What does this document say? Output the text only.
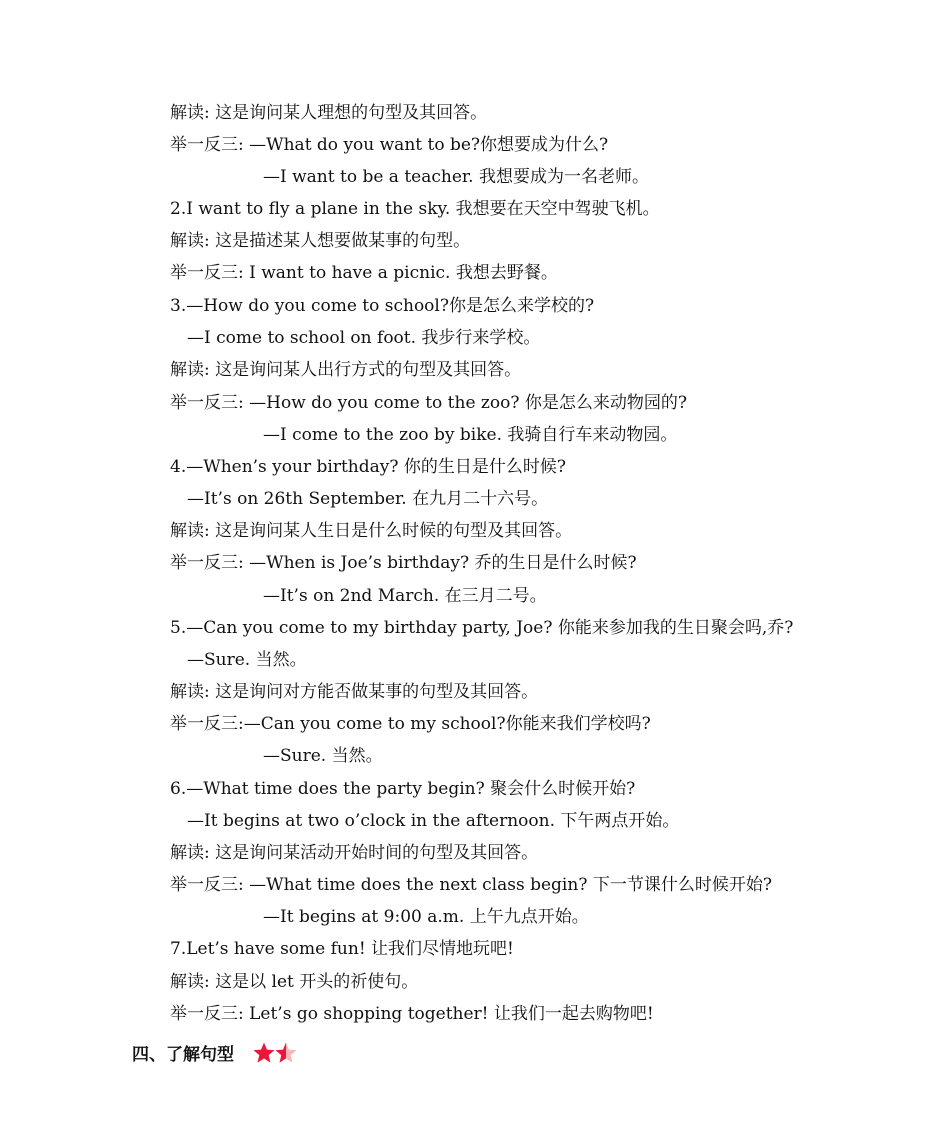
解读: 这是询问某人理想的句型及其回答。
举一反三: —What do you want to be?你想要成为什么?
—I want to be a teacher. 我想要成为一名老师。
2.I want to fly a plane in the sky. 我想要在天空中驾驶飞机。
解读: 这是描述某人想要做某事的句型。
举一反三: I want to have a picnic. 我想去野餐。
3.—How do you come to school?你是怎么来学校的?
—I come to school on foot. 我步行来学校。
解读: 这是询问某人出行方式的句型及其回答。
举一反三: —How do you come to the zoo? 你是怎么来动物园的?
—I come to the zoo by bike. 我骑自行车来动物园。
4.—When’s your birthday? 你的生日是什么时候?
—It’s on 26th September. 在九月二十六号。
解读: 这是询问某人生日是什么时候的句型及其回答。
举一反三: —When is Joe’s birthday? 乔的生日是什么时候?
—It’s on 2nd March. 在三月二号。
5.—Can you come to my birthday party, Joe? 你能来参加我的生日聚会吗,乔?
—Sure. 当然。
解读: 这是询问对方能否做某事的句型及其回答。
举一反三:—Can you come to my school?你能来我们学校吗?
—Sure. 当然。
6.—What time does the party begin? 聚会什么时候开始?
—It begins at two o’clock in the afternoon. 下午两点开始。
解读: 这是询问某活动开始时间的句型及其回答。
举一反三: —What time does the next class begin? 下一节课什么时候开始?
—It begins at 9:00 a.m. 上午九点开始。
7.Let’s have some fun! 让我们尽情地玩吧!
解读: 这是以 let 开头的祈使句。
举一反三: Let’s go shopping together! 让我们一起去购物吧!
四、了解句型
